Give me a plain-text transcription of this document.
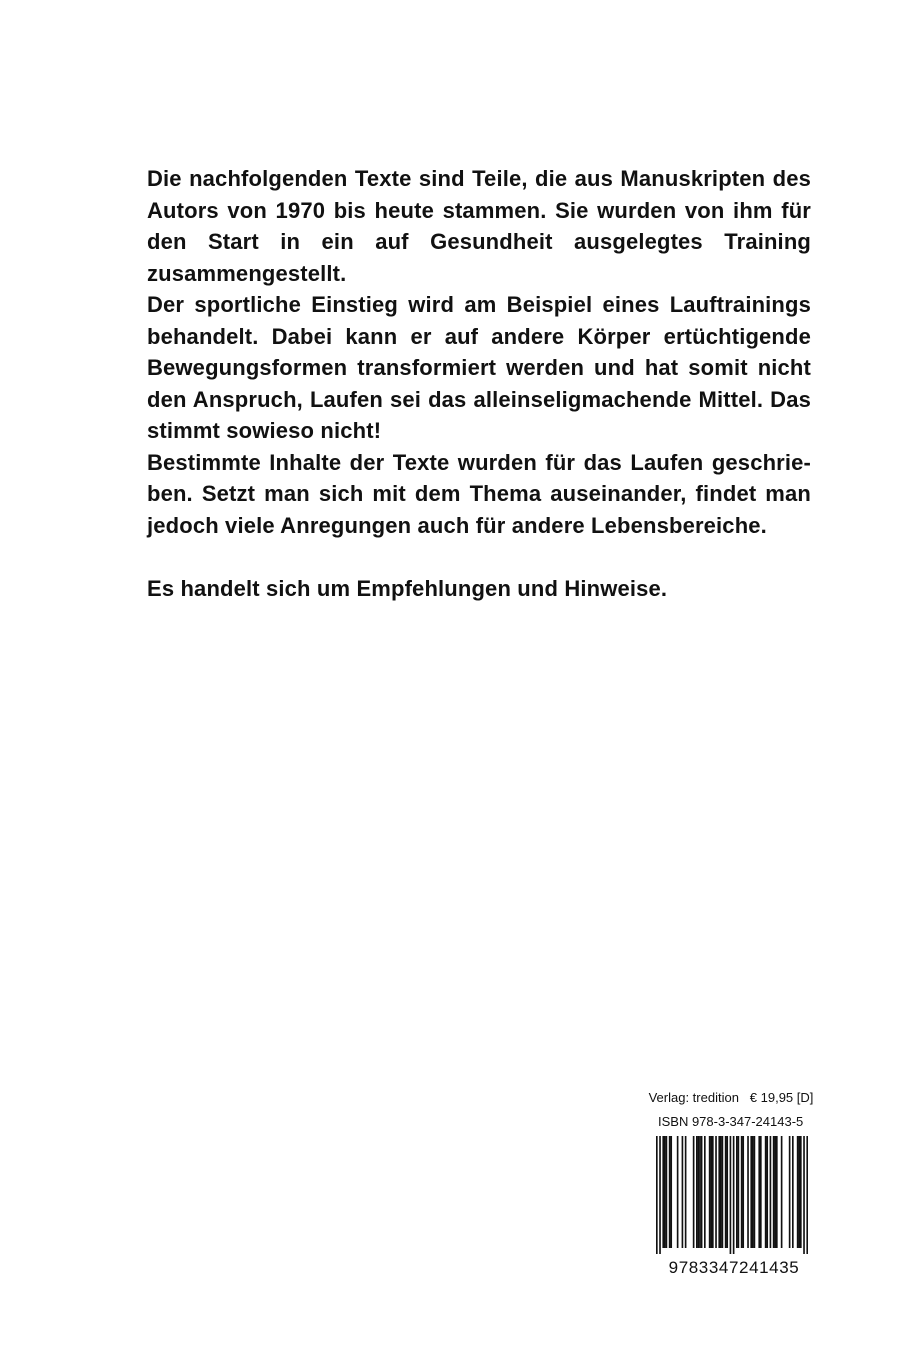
Die nachfolgenden Texte sind Teile, die aus Manuskripten des Autors von 1970 bis heute stammen. Sie wurden von ihm für den Start in ein auf Gesundheit ausgelegtes Training zusammengestellt.

Der sportliche Einstieg wird am Beispiel eines Lauftrainings behandelt. Dabei kann er auf andere Körper ertüchtigende Bewegungsformen transformiert werden und hat somit nicht den Anspruch, Laufen sei das alleinseligmachende Mittel. Das stimmt sowieso nicht!

Bestimmte Inhalte der Texte wurden für das Laufen geschrie-ben. Setzt man sich mit dem Thema auseinander, findet man jedoch viele Anregungen auch für andere Lebensbereiche.

Es handelt sich um Empfehlungen und Hinweise.

Verlag: tredition € 19,95 [D]
ISBN 978-3-347-24143-5
9783347241435
